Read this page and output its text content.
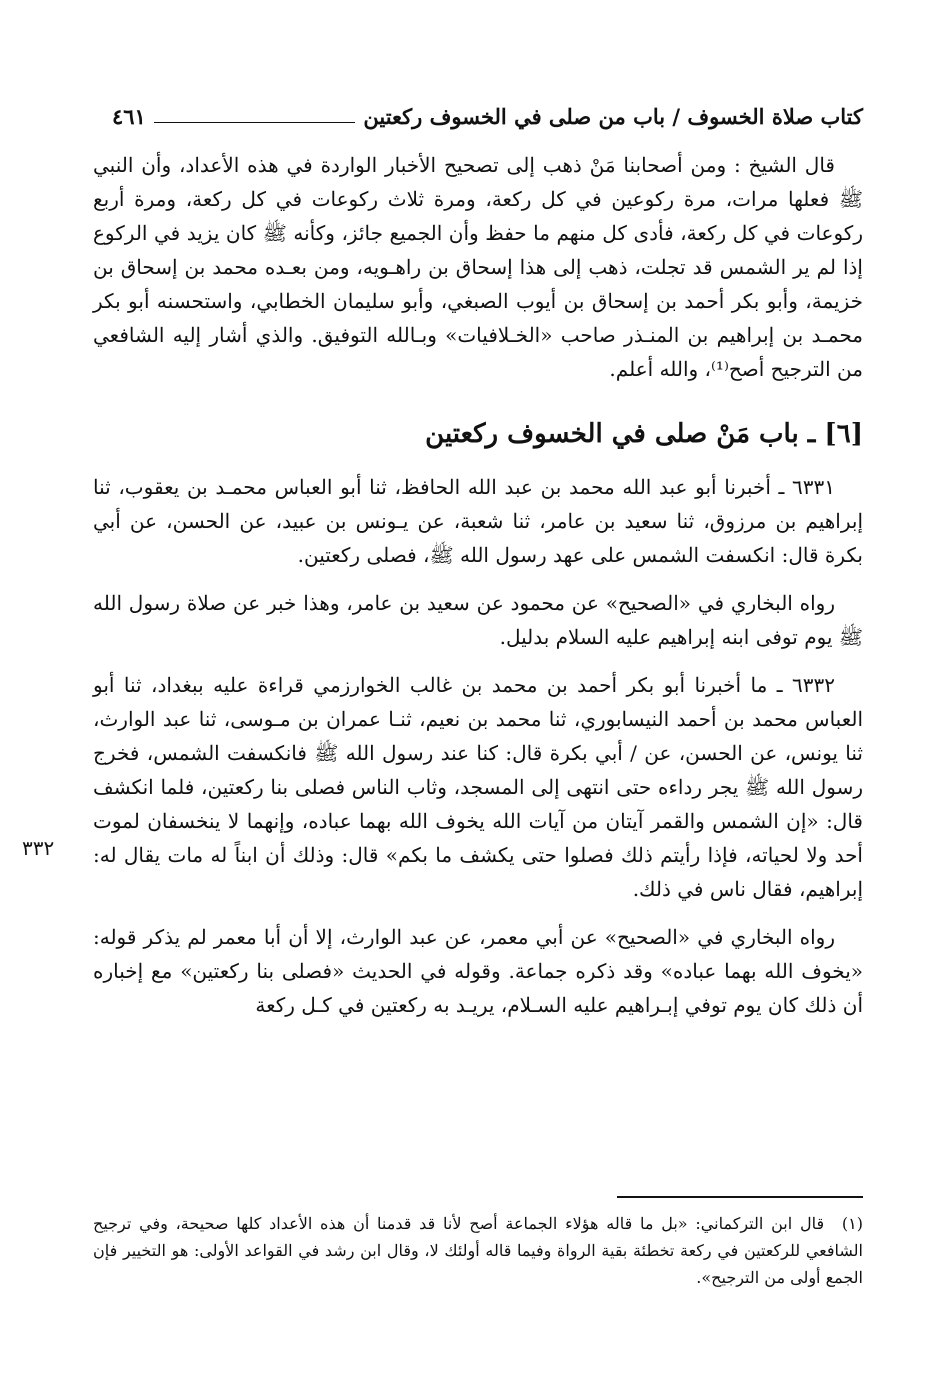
كتاب صلاة الخسوف / باب من صلى في الخسوف ركعتين
٤٦١

قال الشيخ : ومن أصحابنا مَنْ ذهب إلى تصحيح الأخبار الواردة في هذه الأعداد، وأن النبي ﷺ فعلها مرات، مرة ركوعين في كل ركعة، ومرة ثلاث ركوعات في كل ركعة، ومرة أربع ركوعات في كل ركعة، فأدى كل منهم ما حفظ وأن الجميع جائز، وكأنه ﷺ كان يزيد في الركوع إذا لم ير الشمس قد تجلت، ذهب إلى هذا إسحاق بن راهـويه، ومن بعـده محمد بن إسحاق بن خزيمة، وأبو بكر أحمد بن إسحاق بن أيوب الصبغي، وأبو سليمان الخطابي، واستحسنه أبو بكر محمـد بن إبراهيم بن المنـذر صاحب «الخـلافيات» وبـالله التوفيق. والذي أشار إليه الشافعي من الترجيح أصح⁽¹⁾، والله أعلم.

[٦] ـ باب مَنْ صلى في الخسوف ركعتين

٦٣٣١ ـ أخبرنا أبو عبد الله محمد بن عبد الله الحافظ، ثنا أبو العباس محمـد بن يعقوب، ثنا إبراهيم بن مرزوق، ثنا سعيد بن عامر، ثنا شعبة، عن يـونس بن عبيد، عن الحسن، عن أبي بكرة قال: انكسفت الشمس على عهد رسول الله ﷺ، فصلى ركعتين.

رواه البخاري في «الصحيح» عن محمود عن سعيد بن عامر، وهذا خبر عن صلاة رسول الله ﷺ يوم توفى ابنه إبراهيم عليه السلام بدليل.

٦٣٣٢ ـ ما أخبرنا أبو بكر أحمد بن محمد بن غالب الخوارزمي قراءة عليه ببغداد، ثنا أبو العباس محمد بن أحمد النيسابوري، ثنا محمد بن نعيم، ثنـا عمران بن مـوسى، ثنا عبد الوارث، ثنا يونس، عن الحسن، عن / أبي بكرة قال: كنا عند رسول الله ﷺ فانكسفت الشمس، فخرج رسول الله ﷺ يجر رداءه حتى انتهى إلى المسجد، وثاب الناس فصلى بنا ركعتين، فلما انكشف قال: «إن الشمس والقمر آيتان من آيات الله يخوف الله بهما عباده، وإنهما لا ينخسفان لموت أحد ولا لحياته، فإذا رأيتم ذلك فصلوا حتى يكشف ما بكم» قال: وذلك أن ابناً له مات يقال له: إبراهيم، فقال ناس في ذلك.

رواه البخاري في «الصحيح» عن أبي معمر، عن عبد الوارث، إلا أن أبا معمر لم يذكر قوله: «يخوف الله بهما عباده» وقد ذكره جماعة. وقوله في الحديث «فصلى بنا ركعتين» مع إخباره أن ذلك كان يوم توفي إبـراهيم عليه السـلام، يريـد به ركعتين في كـل ركعة

٣٣٢
(١) قال ابن التركماني: «بل ما قاله هؤلاء الجماعة أصح لأنا قد قدمنا أن هذه الأعداد كلها صحيحة، وفي ترجيح الشافعي للركعتين في ركعة تخطئة بقية الرواة وفيما قاله أولئك لا، وقال ابن رشد في القواعد الأولى: هو التخيير فإن الجمع أولى من الترجيح».
